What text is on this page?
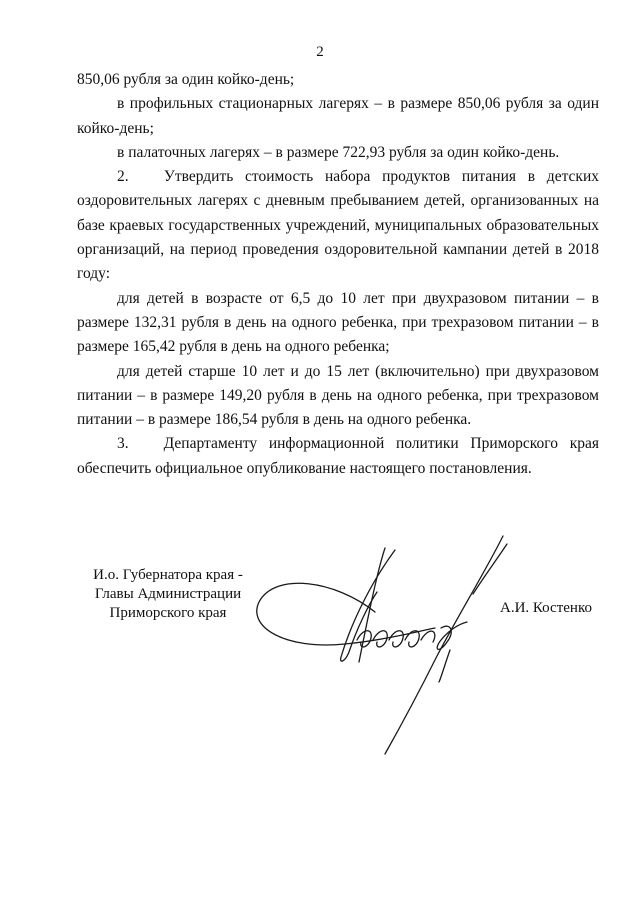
2

850,06 рубля за один койко-день;

в профильных стационарных лагерях – в размере 850,06 рубля за один койко-день;

в палаточных лагерях – в размере 722,93 рубля за один койко-день.

2.   Утвердить стоимость набора продуктов питания в детских оздоровительных лагерях с дневным пребыванием детей, организованных на базе краевых государственных учреждений, муниципальных образовательных организаций, на период проведения оздоровительной кампании детей в 2018 году:

для детей в возрасте от 6,5 до 10 лет при двухразовом питании – в размере 132,31 рубля в день на одного ребенка, при трехразовом питании – в размере 165,42 рубля в день на одного ребенка;

для детей старше 10 лет и до 15 лет (включительно) при двухразовом питании – в размере 149,20 рубля в день на одного ребенка, при трехразовом питании – в размере 186,54 рубля в день на одного ребенка.

3.   Департаменту информационной политики Приморского края обеспечить официальное опубликование настоящего постановления.

И.о. Губернатора края -
Главы Администрации
Приморского края	А.И. Костенко
